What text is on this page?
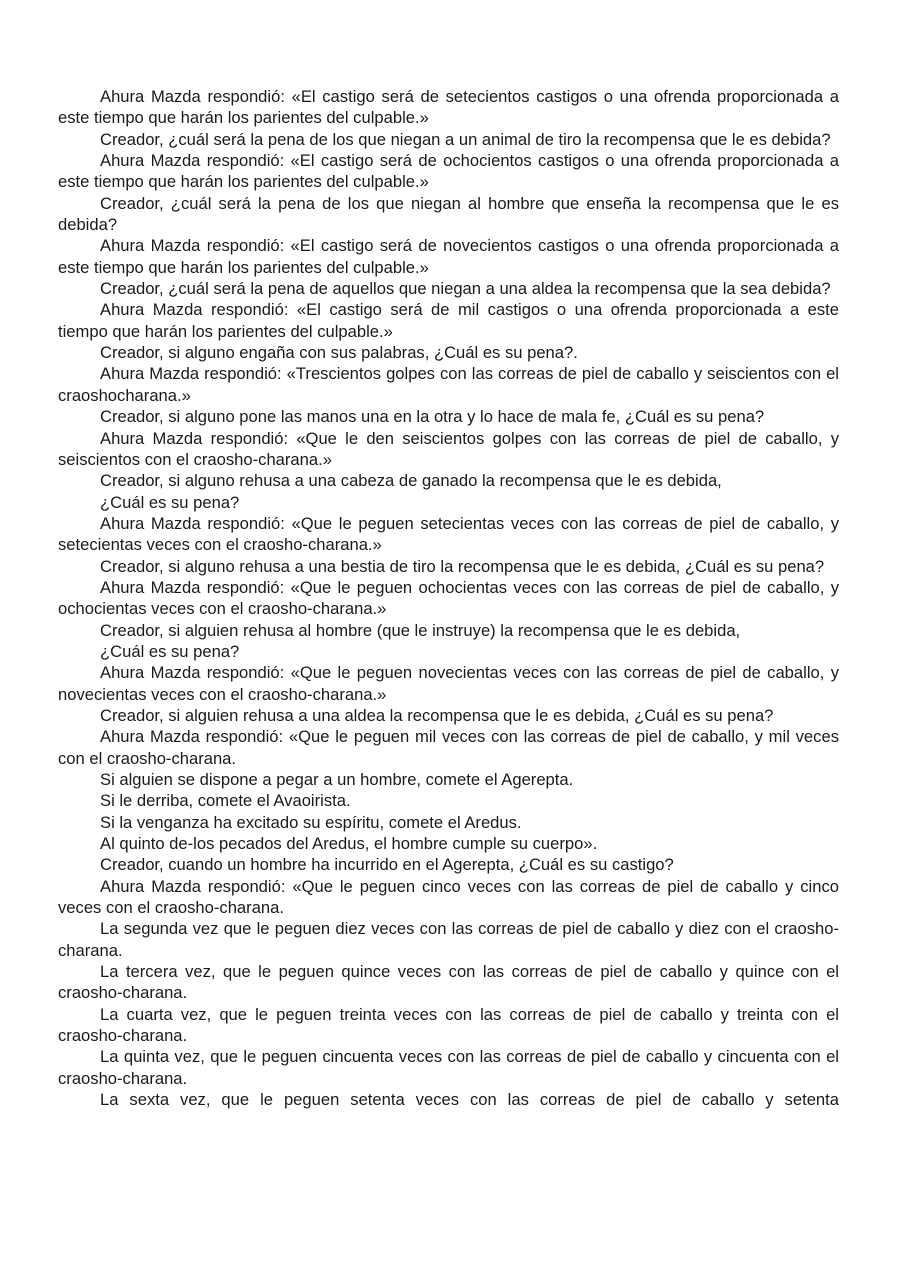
Ahura Mazda respondió: «El castigo será de setecientos castigos o una ofrenda proporcionada a este tiempo que harán los parientes del culpable.»

Creador, ¿cuál será la pena de los que niegan a un animal de tiro la recompensa que le es debida?

Ahura Mazda respondió: «El castigo será de ochocientos castigos o una ofrenda proporcionada a este tiempo que harán los parientes del culpable.»

Creador, ¿cuál será la pena de los que niegan al hombre que enseña la recompensa que le es debida?

Ahura Mazda respondió: «El castigo será de novecientos castigos o una ofrenda proporcionada a este tiempo que harán los parientes del culpable.»

Creador, ¿cuál será la pena de aquellos que niegan a una aldea la recompensa que la sea debida?

Ahura Mazda respondió: «El castigo será de mil castigos o una ofrenda proporcionada a este tiempo que harán los parientes del culpable.»

Creador, si alguno engaña con sus palabras, ¿Cuál es su pena?.

Ahura Mazda respondió: «Trescientos golpes con las correas de piel de caballo y seiscientos con el craoshocharana.»

Creador, si alguno pone las manos una en la otra y lo hace de mala fe, ¿Cuál es su pena?

Ahura Mazda respondió: «Que le den seiscientos golpes con las correas de piel de caballo, y seiscientos con el craosho-charana.»

Creador, si alguno rehusa a una cabeza de ganado la recompensa que le es debida,

¿Cuál es su pena?

Ahura Mazda respondió: «Que le peguen setecientas veces con las correas de piel de caballo, y setecientas veces con el craosho-charana.»

Creador, si alguno rehusa a una bestia de tiro la recompensa que le es debida, ¿Cuál es su pena?

Ahura Mazda respondió: «Que le peguen ochocientas veces con las correas de piel de caballo, y ochocientas veces con el craosho-charana.»

Creador, si alguien rehusa al hombre (que le instruye) la recompensa que le es debida,

¿Cuál es su pena?

Ahura Mazda respondió: «Que le peguen novecientas veces con las correas de piel de caballo, y novecientas veces con el craosho-charana.»

Creador, si alguien rehusa a una aldea la recompensa que le es debida, ¿Cuál es su pena?

Ahura Mazda respondió: «Que le peguen mil veces con las correas de piel de caballo, y mil veces con el craosho-charana.

Si alguien se dispone a pegar a un hombre, comete el Agerepta.

Si le derriba, comete el Avaoirista.

Si la venganza ha excitado su espíritu, comete el Aredus.

Al quinto de-los pecados del Aredus, el hombre cumple su cuerpo».

Creador, cuando un hombre ha incurrido en el Agerepta, ¿Cuál es su castigo?

Ahura Mazda respondió: «Que le peguen cinco veces con las correas de piel de caballo y cinco veces con el craosho-charana.

La segunda vez que le peguen diez veces con las correas de piel de caballo y diez con el craosho-charana.

La tercera vez, que le peguen quince veces con las correas de piel de caballo y quince con el craosho-charana.

La cuarta vez, que le peguen treinta veces con las correas de piel de caballo y treinta con el craosho-charana.

La quinta vez, que le peguen cincuenta veces con las correas de piel de caballo y cincuenta con el craosho-charana.

La sexta vez, que le peguen setenta veces con las correas de piel de caballo y setenta
